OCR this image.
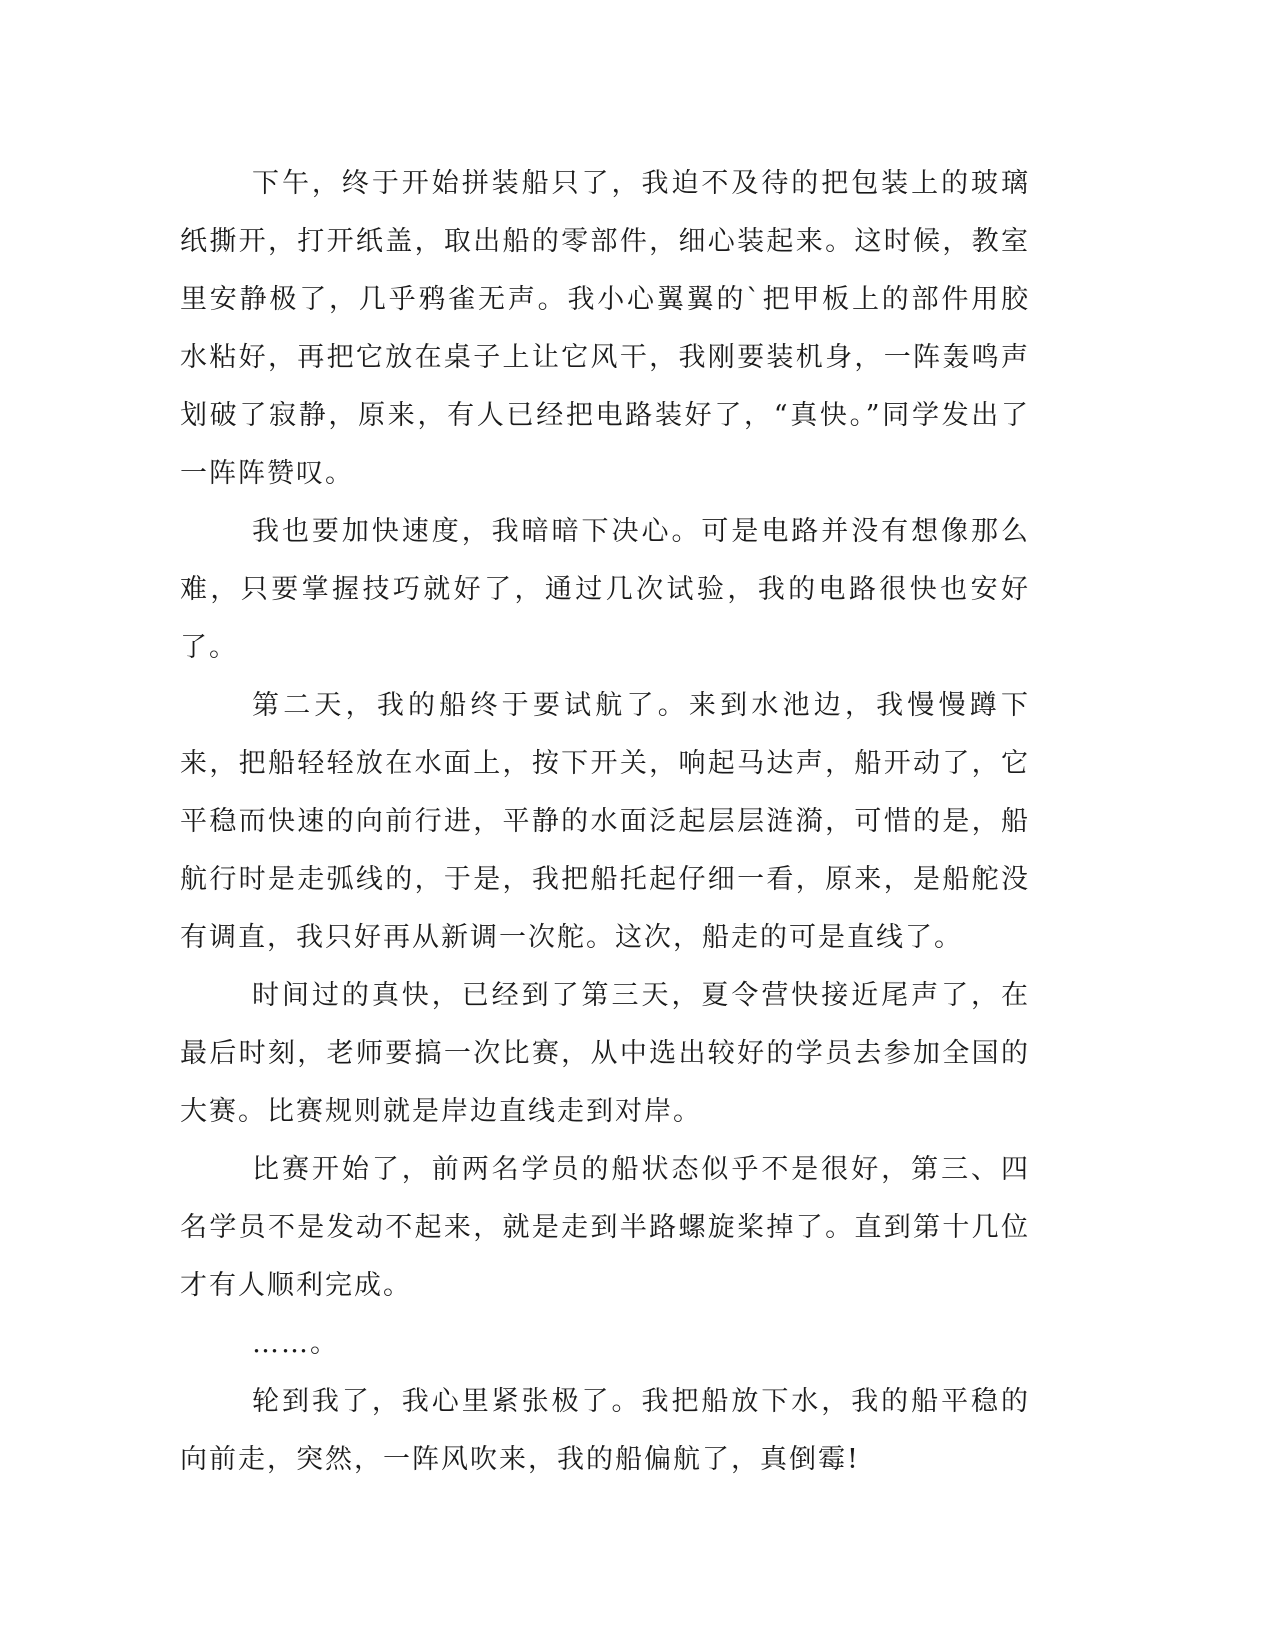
下午，终于开始拼装船只了，我迫不及待的把包装上的玻璃纸撕开，打开纸盖，取出船的零部件，细心装起来。这时候，教室里安静极了，几乎鸦雀无声。我小心翼翼的`把甲板上的部件用胶水粘好，再把它放在桌子上让它风干，我刚要装机身，一阵轰鸣声划破了寂静，原来，有人已经把电路装好了，“真快。”同学发出了一阵阵赞叹。

我也要加快速度，我暗暗下决心。可是电路并没有想像那么难，只要掌握技巧就好了，通过几次试验，我的电路很快也安好了。

第二天，我的船终于要试航了。来到水池边，我慢慢蹲下来，把船轻轻放在水面上，按下开关，响起马达声，船开动了，它平稳而快速的向前行进，平静的水面泛起层层涟漪，可惜的是，船航行时是走弧线的，于是，我把船托起仔细一看，原来，是船舵没有调直，我只好再从新调一次舵。这次，船走的可是直线了。

时间过的真快，已经到了第三天，夏令营快接近尾声了，在最后时刻，老师要搞一次比赛，从中选出较好的学员去参加全国的大赛。比赛规则就是岸边直线走到对岸。

比赛开始了，前两名学员的船状态似乎不是很好，第三、四名学员不是发动不起来，就是走到半路螺旋桨掉了。直到第十几位才有人顺利完成。

……。

轮到我了，我心里紧张极了。我把船放下水，我的船平稳的向前走，突然，一阵风吹来，我的船偏航了，真倒霉!
